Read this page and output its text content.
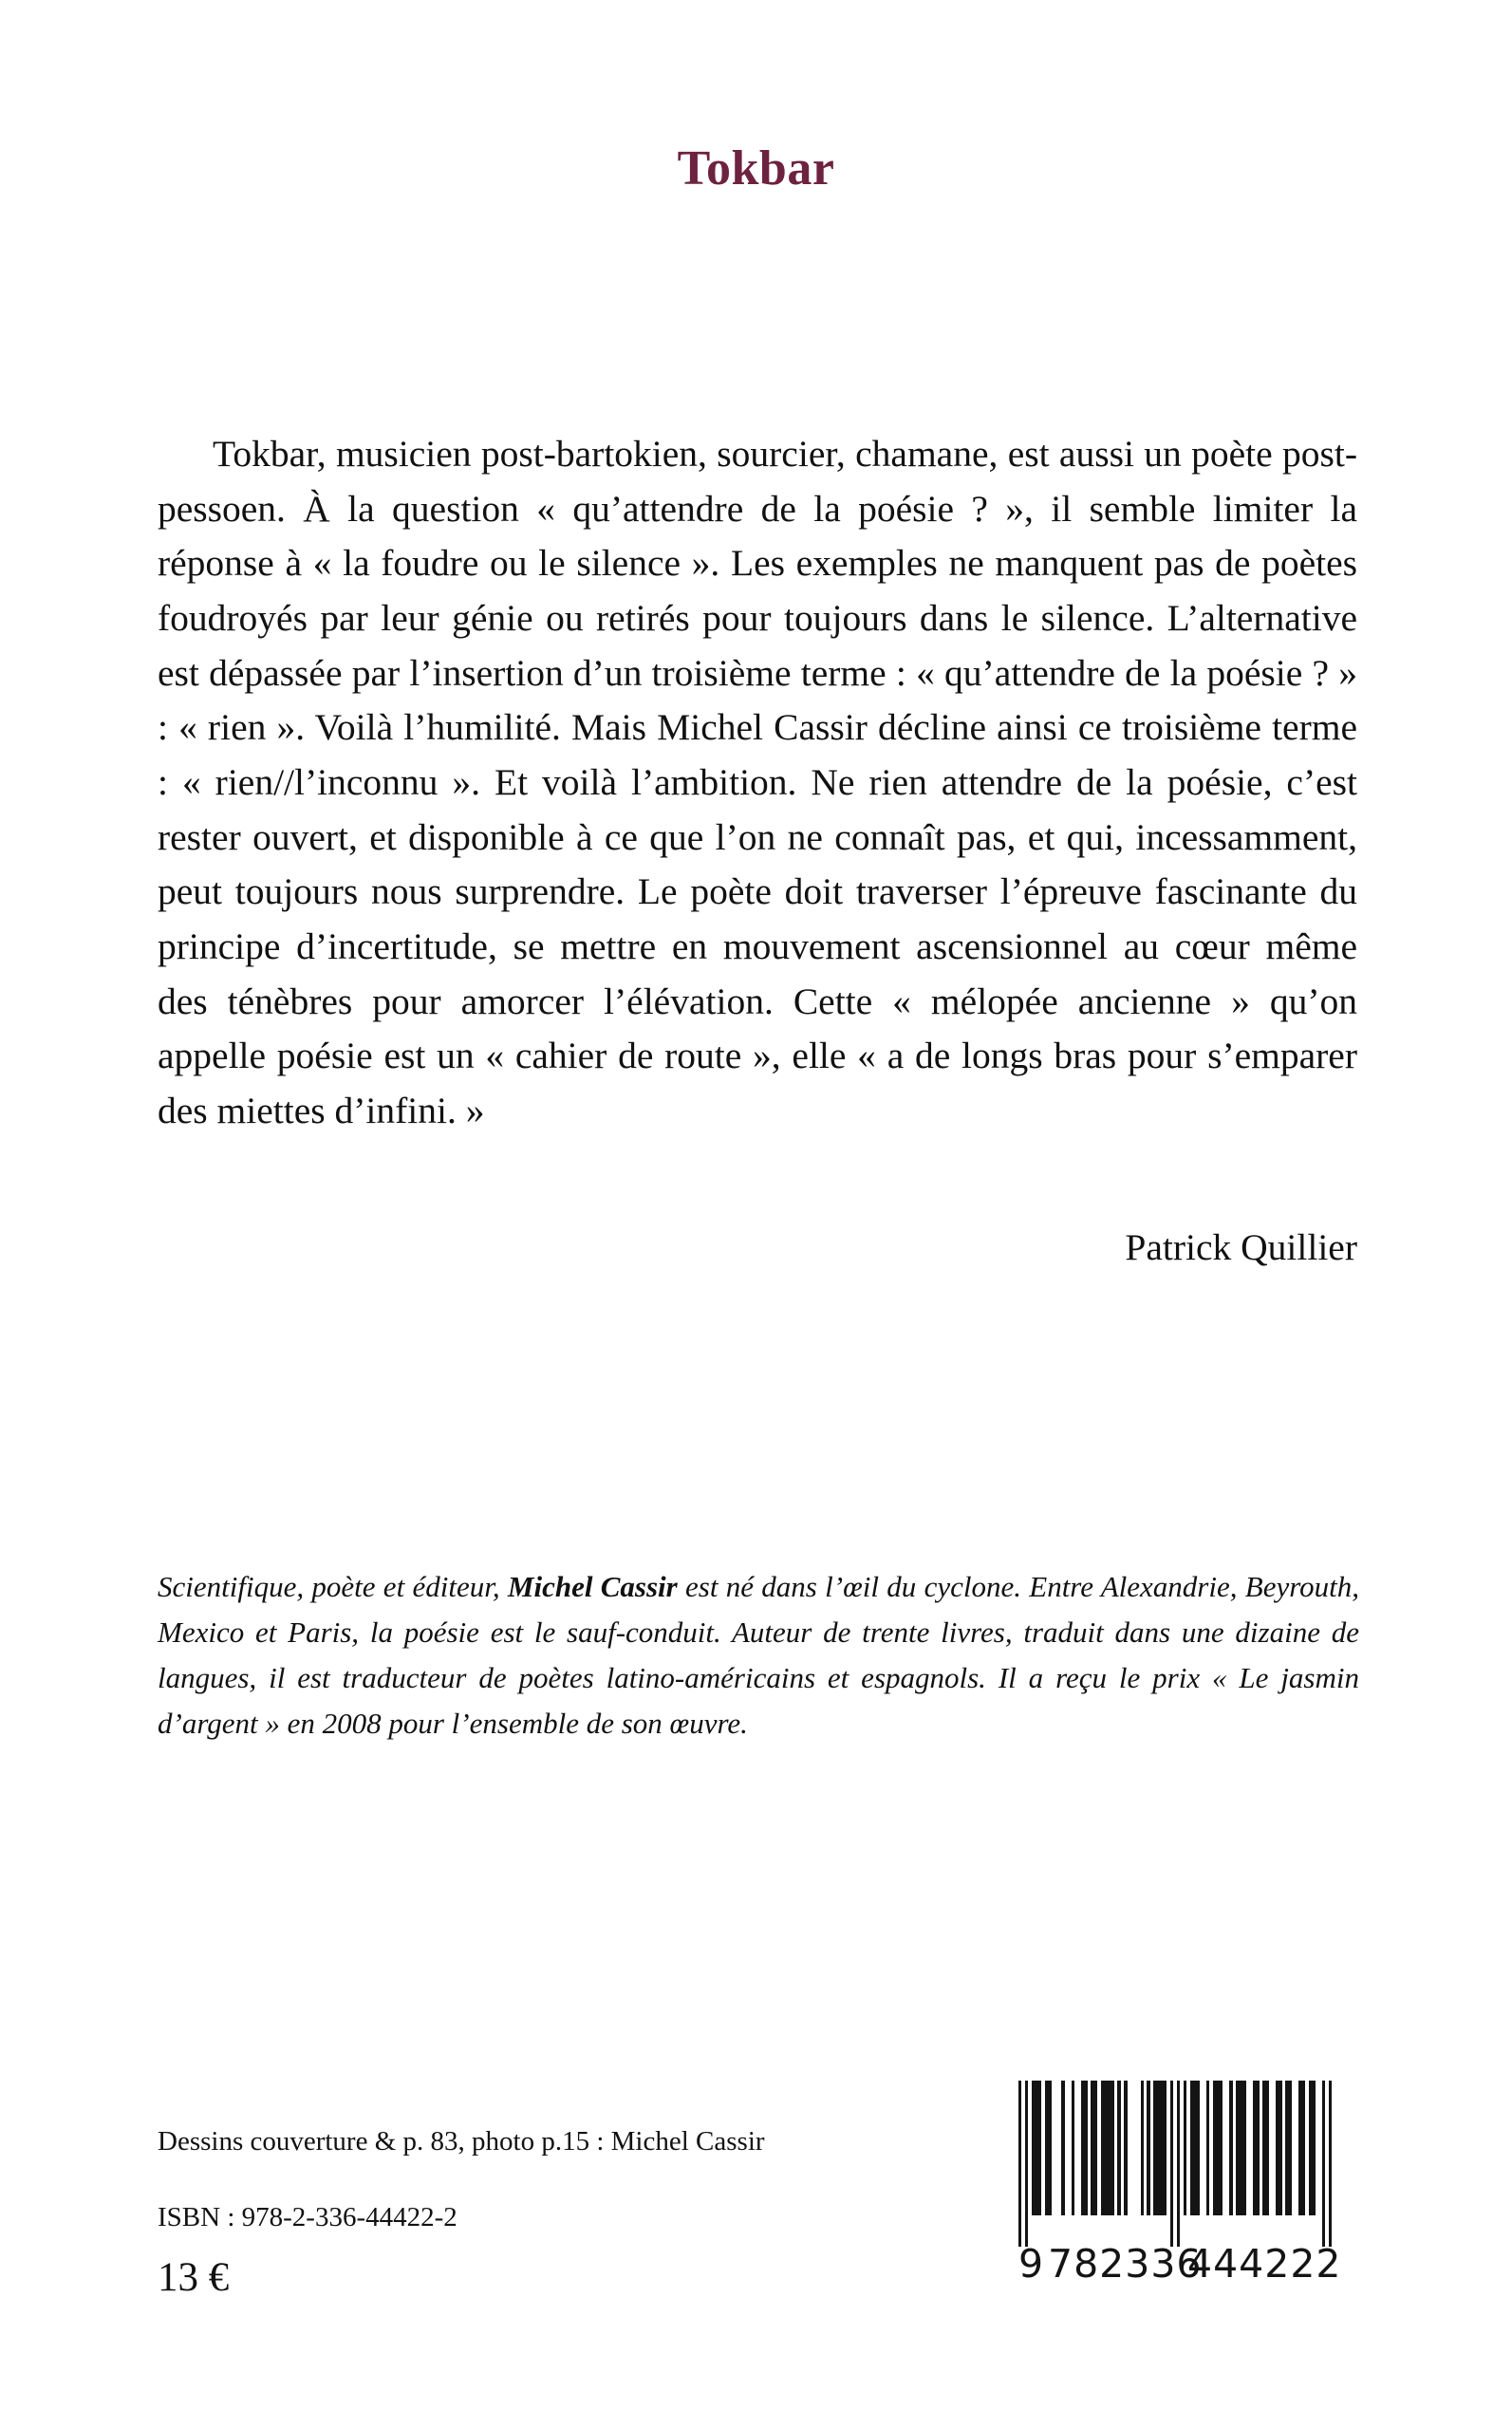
Tokbar
Tokbar, musicien post-bartokien, sourcier, chamane, est aussi un poète post-pessoen. À la question « qu’attendre de la poésie ? », il semble limiter la réponse à « la foudre ou le silence ». Les exemples ne manquent pas de poètes foudroyés par leur génie ou retirés pour toujours dans le silence. L’alternative est dépassée par l’insertion d’un troisième terme : « qu’attendre de la poésie ? » : « rien ». Voilà l’humilité. Mais Michel Cassir décline ainsi ce troisième terme : « rien//l’inconnu ». Et voilà l’ambition. Ne rien attendre de la poésie, c’est rester ouvert, et disponible à ce que l’on ne connaît pas, et qui, incessamment, peut toujours nous surprendre. Le poète doit traverser l’épreuve fascinante du principe d’incertitude, se mettre en mouvement ascensionnel au cœur même des ténèbres pour amorcer l’élévation. Cette « mélopée ancienne » qu’on appelle poésie est un « cahier de route », elle « a de longs bras pour s’emparer des miettes d’infini. »
Patrick Quillier
Scientifique, poète et éditeur, Michel Cassir est né dans l’œil du cyclone. Entre Alexandrie, Beyrouth, Mexico et Paris, la poésie est le sauf-conduit. Auteur de trente livres, traduit dans une dizaine de langues, il est traducteur de poètes latino-américains et espagnols. Il a reçu le prix « Le jasmin d’argent » en 2008 pour l’ensemble de son œuvre.
Dessins couverture & p. 83, photo p.15 : Michel Cassir
ISBN : 978-2-336-44422-2
13 €	9 782336
444222
